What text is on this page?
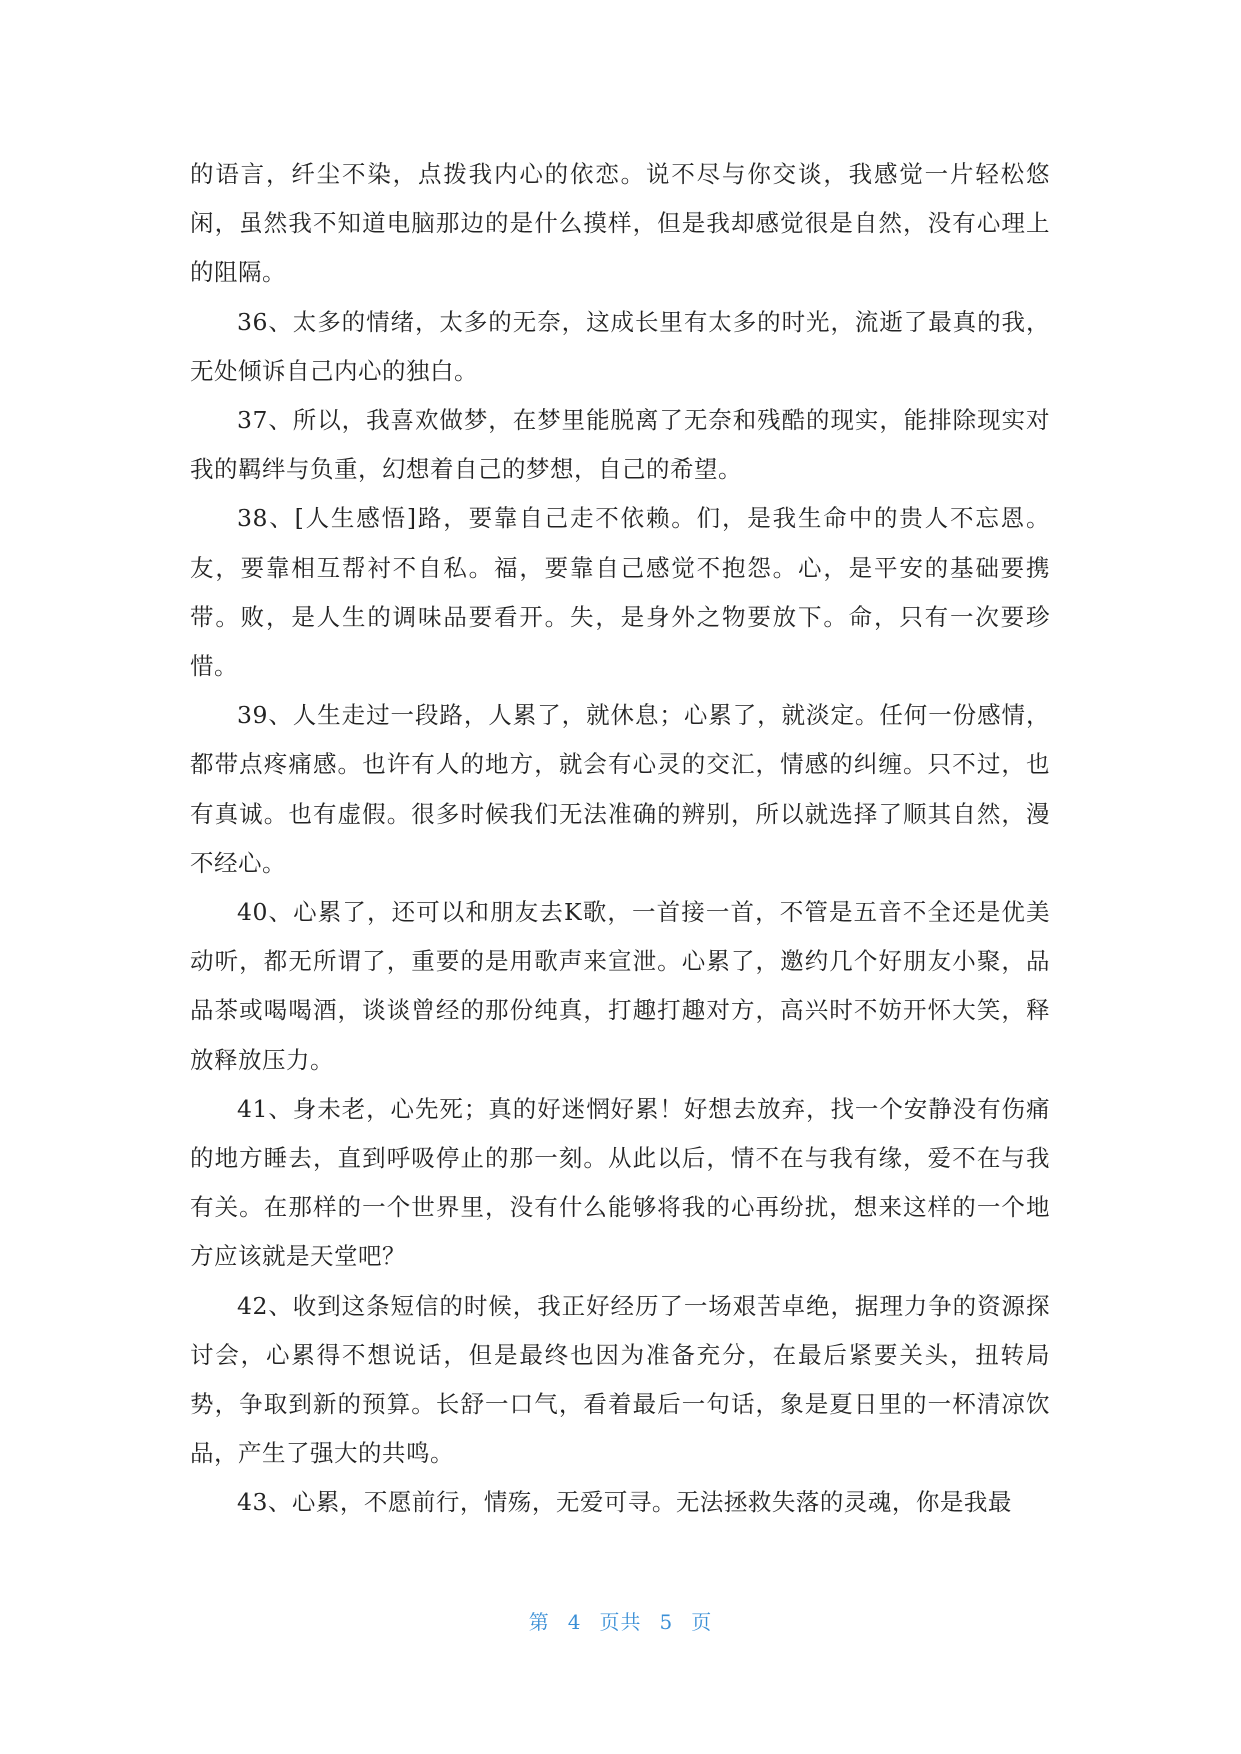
的语言，纤尘不染，点拨我内心的依恋。说不尽与你交谈，我感觉一片轻松悠闲，虽然我不知道电脑那边的是什么摸样，但是我却感觉很是自然，没有心理上的阻隔。

36、太多的情绪，太多的无奈，这成长里有太多的时光，流逝了最真的我，无处倾诉自己内心的独白。

37、所以，我喜欢做梦，在梦里能脱离了无奈和残酷的现实，能排除现实对我的羁绊与负重，幻想着自己的梦想，自己的希望。

38、[人生感悟]路，要靠自己走不依赖。们，是我生命中的贵人不忘恩。友，要靠相互帮衬不自私。福，要靠自己感觉不抱怨。心，是平安的基础要携带。败，是人生的调味品要看开。失，是身外之物要放下。命，只有一次要珍惜。

39、人生走过一段路，人累了，就休息；心累了，就淡定。任何一份感情，都带点疼痛感。也许有人的地方，就会有心灵的交汇，情感的纠缠。只不过，也有真诚。也有虚假。很多时候我们无法准确的辨别，所以就选择了顺其自然，漫不经心。

40、心累了，还可以和朋友去K歌，一首接一首，不管是五音不全还是优美动听，都无所谓了，重要的是用歌声来宣泄。心累了，邀约几个好朋友小聚，品品茶或喝喝酒，谈谈曾经的那份纯真，打趣打趣对方，高兴时不妨开怀大笑，释放释放压力。

41、身未老，心先死；真的好迷惘好累！好想去放弃，找一个安静没有伤痛的地方睡去，直到呼吸停止的那一刻。从此以后，情不在与我有缘，爱不在与我有关。在那样的一个世界里，没有什么能够将我的心再纷扰，想来这样的一个地方应该就是天堂吧？

42、收到这条短信的时候，我正好经历了一场艰苦卓绝，据理力争的资源探讨会，心累得不想说话，但是最终也因为准备充分，在最后紧要关头，扭转局势，争取到新的预算。长舒一口气，看着最后一句话，象是夏日里的一杯清凉饮品，产生了强大的共鸣。

43、心累，不愿前行，情殇，无爱可寻。无法拯救失落的灵魂，你是我最

第 4 页共 5 页
